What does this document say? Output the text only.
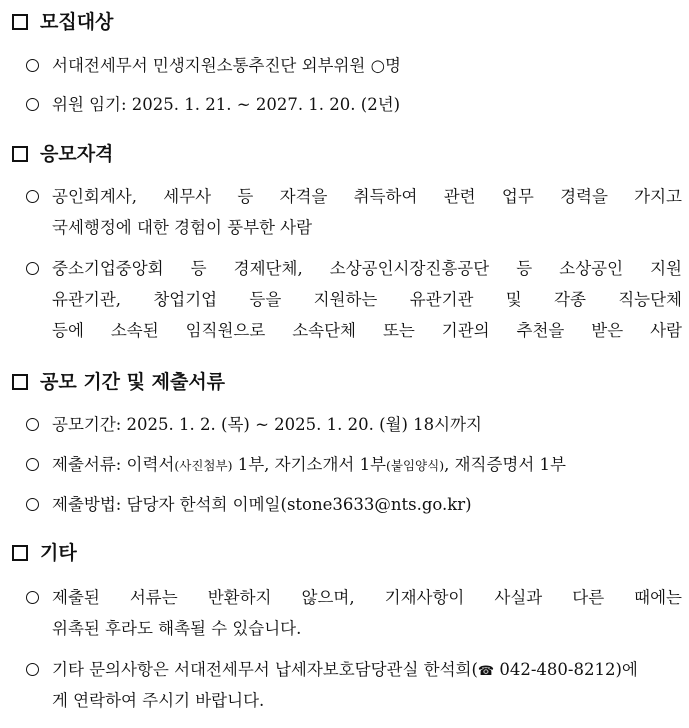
모집대상
서대전세무서 민생지원소통추진단 외부위원 ○명
위원 임기: 2025. 1. 21. ~ 2027. 1. 20. (2년)
응모자격
공인회계사, 세무사 등 자격을 취득하여 관련 업무 경력을 가지고
국세행정에 대한 경험이 풍부한 사람
중소기업중앙회 등 경제단체, 소상공인시장진흥공단 등 소상공인 지원
유관기관, 창업기업 등을 지원하는 유관기관 및 각종 직능단체
등에 소속된 임직원으로 소속단체 또는 기관의 추천을 받은 사람
공모 기간 및 제출서류
공모기간: 2025. 1. 2. (목) ~ 2025. 1. 20. (월) 18시까지
제출서류: 이력서(사진첨부) 1부, 자기소개서 1부(붙임양식), 재직증명서 1부
제출방법: 담당자 한석희 이메일(stone3633@nts.go.kr)
기타
제출된 서류는 반환하지 않으며, 기재사항이 사실과 다른 때에는
위촉된 후라도 해촉될 수 있습니다.
기타 문의사항은 서대전세무서 납세자보호담당관실 한석희(☎ 042-480-8212)에
게 연락하여 주시기 바랍니다.
